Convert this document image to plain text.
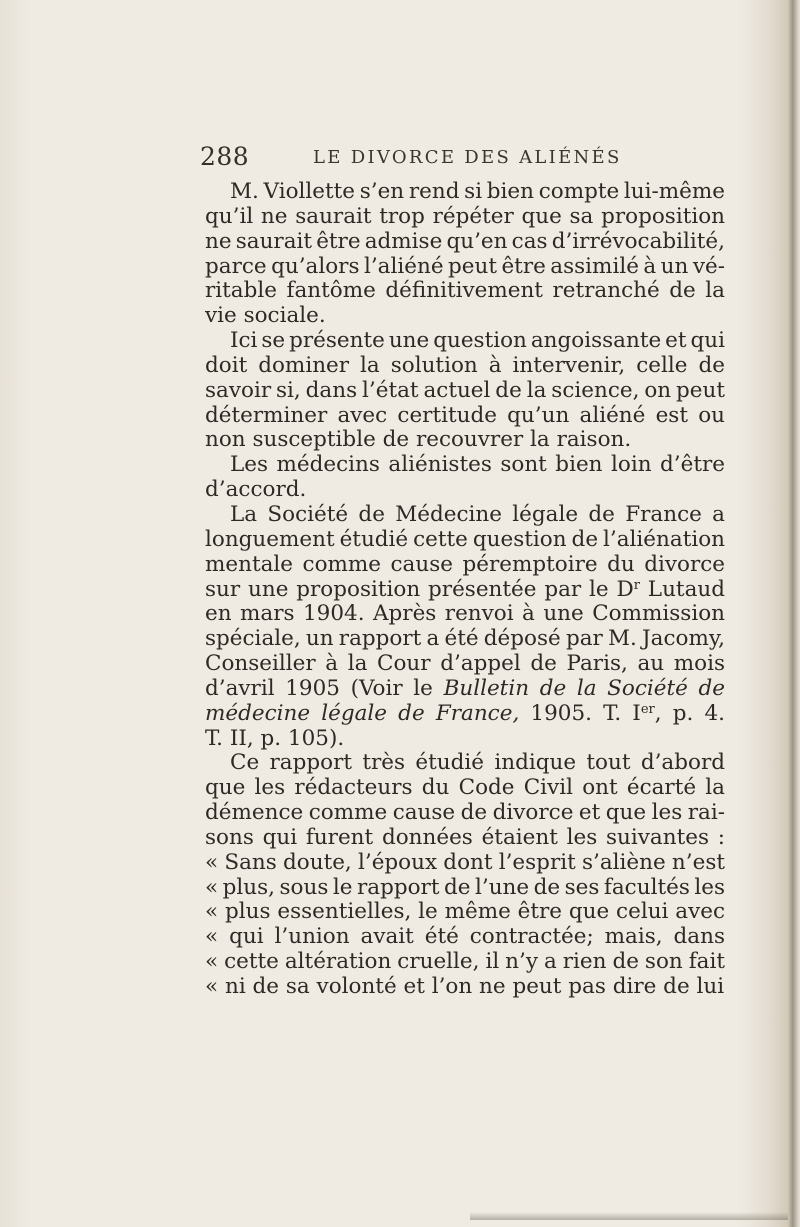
288	LE DIVORCE DES ALIÉNÉS
M. Viollette s’en rend si bien compte lui-même
qu’il ne saurait trop répéter que sa proposition
ne saurait être admise qu’en cas d’irrévocabilité,
parce qu’alors l’aliéné peut être assimilé à un vé-
ritable fantôme définitivement retranché de la
vie sociale.
Ici se présente une question angoissante et qui
doit dominer la solution à intervenir, celle de
savoir si, dans l’état actuel de la science, on peut
déterminer avec certitude qu’un aliéné est ou
non susceptible de recouvrer la raison.
Les médecins aliénistes sont bien loin d’être
d’accord.
La Société de Médecine légale de France a
longuement étudié cette question de l’aliénation
mentale comme cause péremptoire du divorce
sur une proposition présentée par le $D^r$ Lutaud
en mars 1904. Après renvoi à une Commission
spéciale, un rapport a été déposé par M. Jacomy,
Conseiller à la Cour d’appel de Paris, au mois
d’avril 1905 (Voir le Bulletin de la Société de
médecine légale de France, 1905. T. Ier, p. 4.
T. II, p. 105).
Ce rapport très étudié indique tout d’abord
que les rédacteurs du Code Civil ont écarté la
démence comme cause de divorce et que les rai-
sons qui furent données étaient les suivantes :
« Sans doute, l’époux dont l’esprit s’aliène n’est
« plus, sous le rapport de l’une de ses facultés les
« plus essentielles, le même être que celui avec
« qui l’union avait été contractée; mais, dans
« cette altération cruelle, il n’y a rien de son fait
« ni de sa volonté et l’on ne peut pas dire de lui
